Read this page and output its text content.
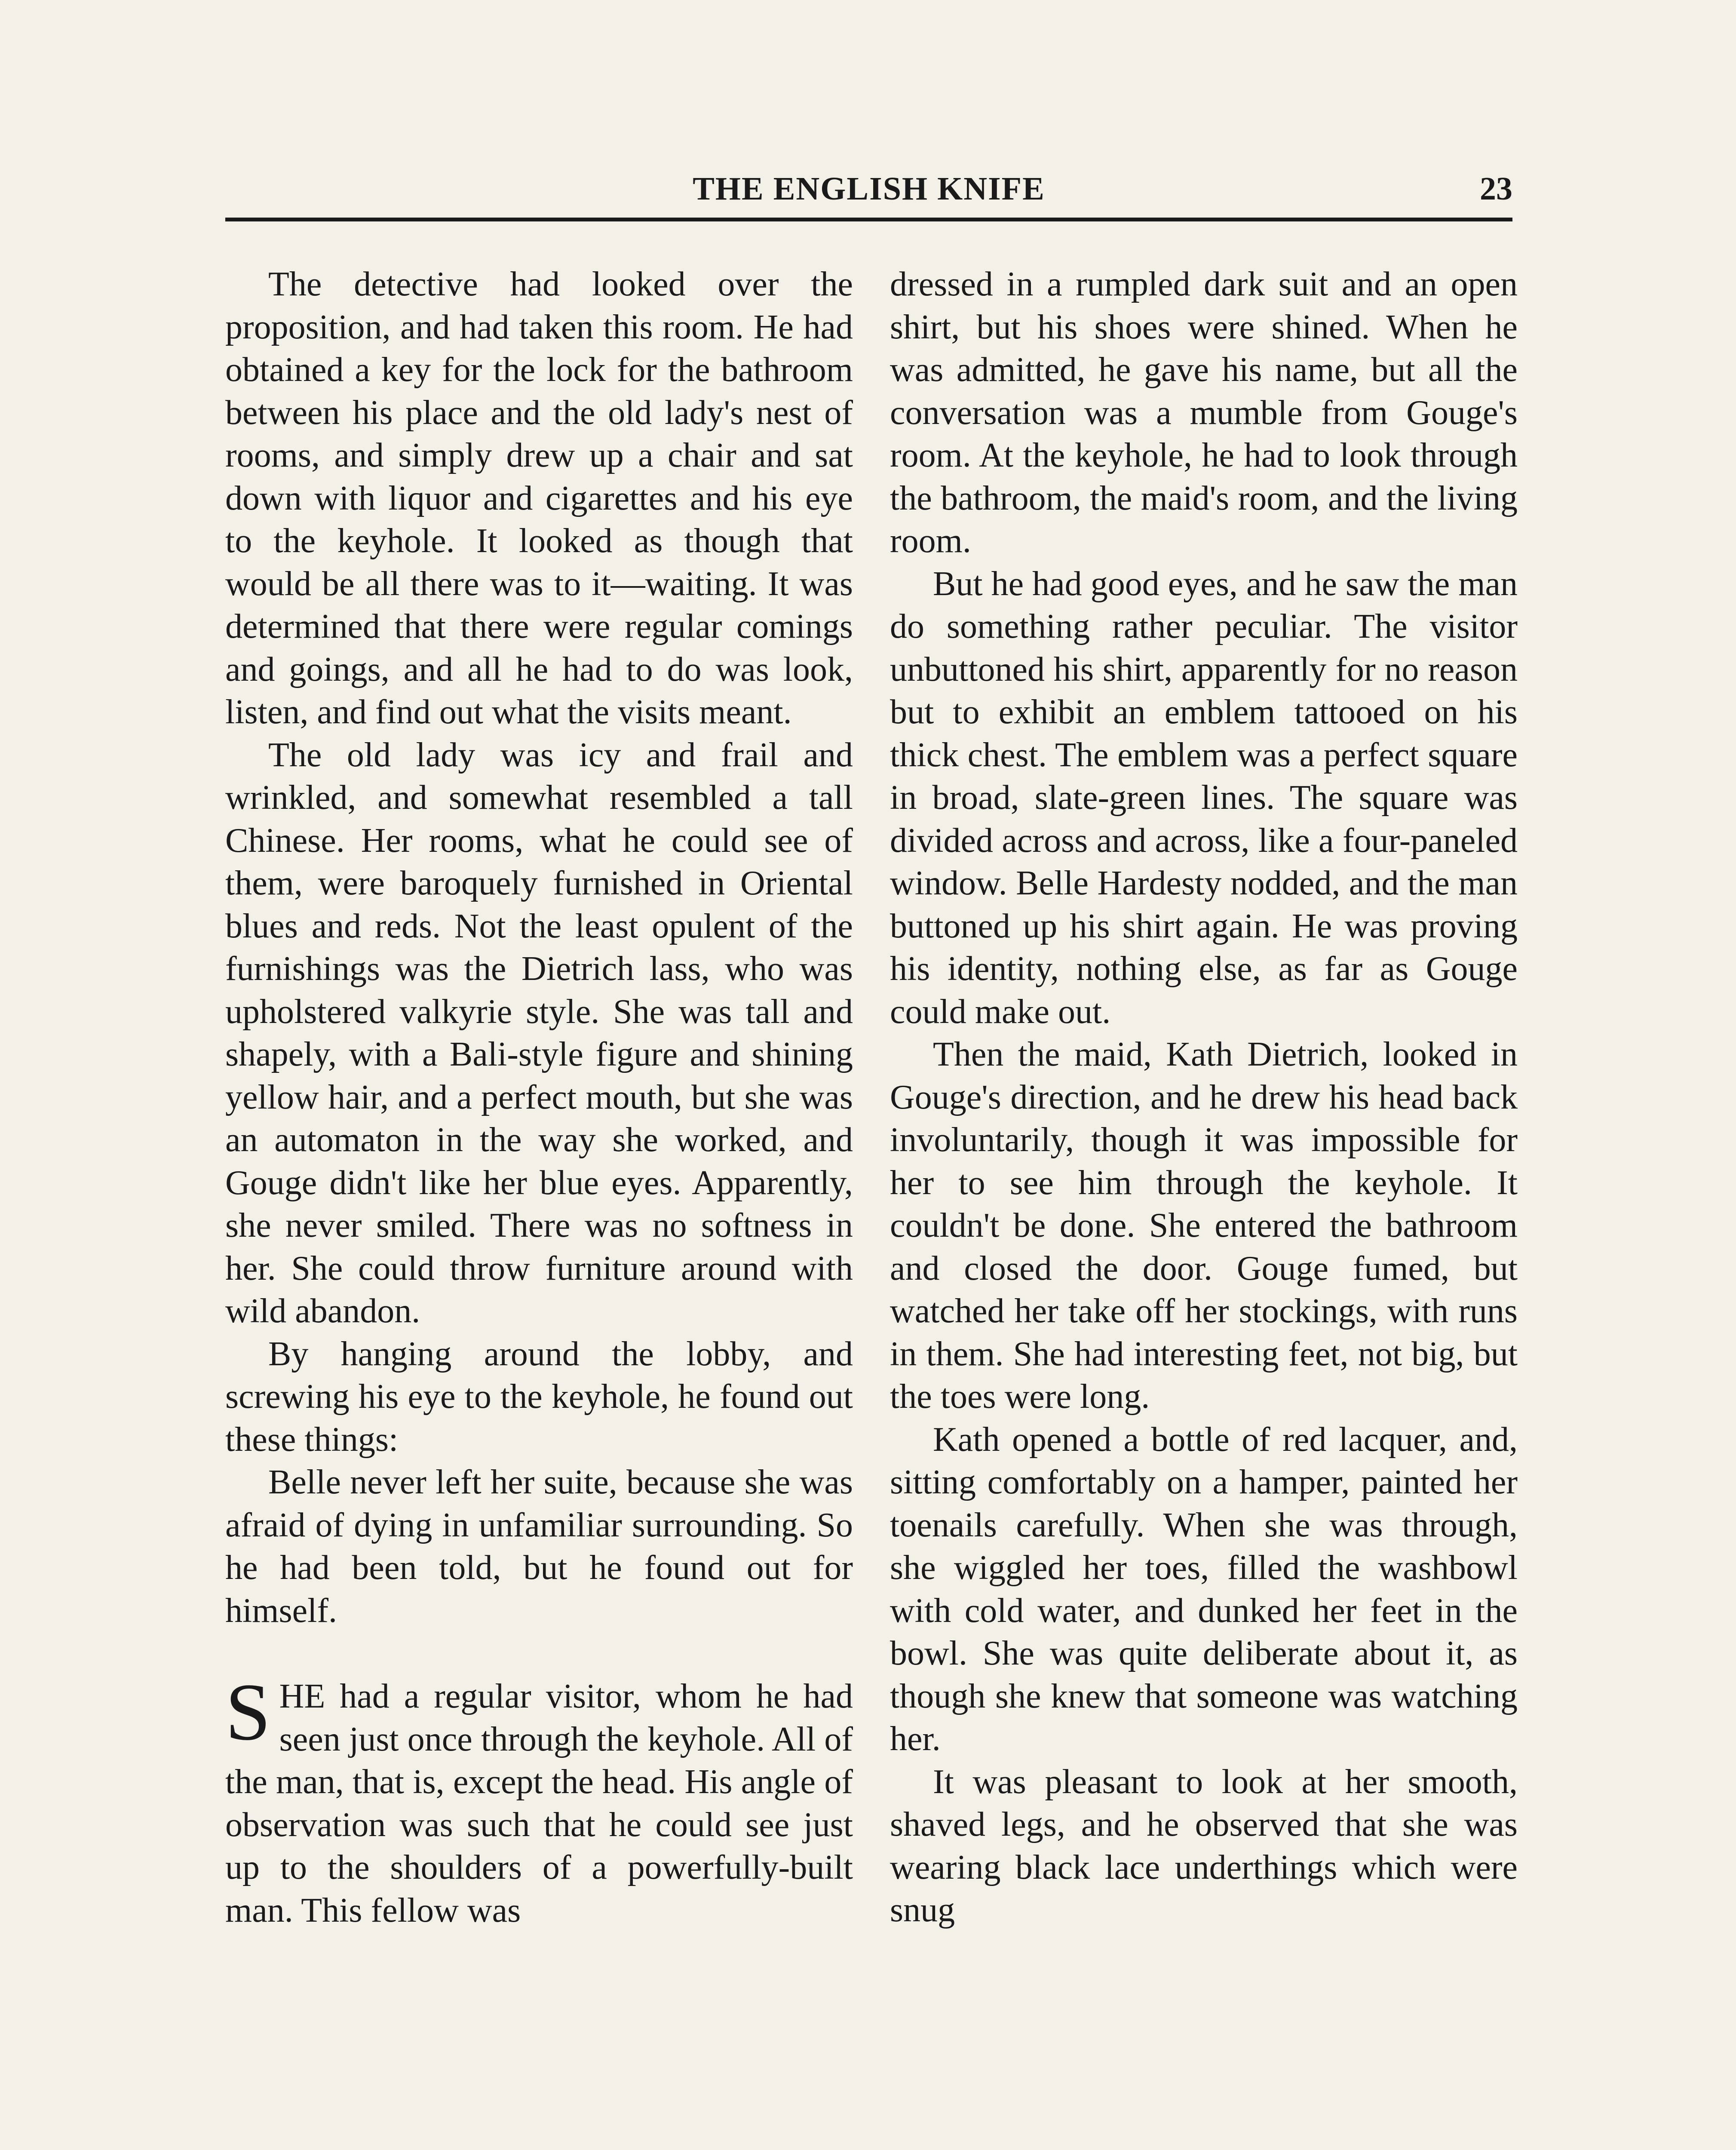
THE ENGLISH KNIFE	23

The detective had looked over the proposition, and had taken this room. He had obtained a key for the lock for the bathroom between his place and the old lady's nest of rooms, and simply drew up a chair and sat down with liquor and cigarettes and his eye to the keyhole. It looked as though that would be all there was to it—waiting. It was determined that there were regular comings and goings, and all he had to do was look, listen, and find out what the visits meant.

The old lady was icy and frail and wrinkled, and somewhat resembled a tall Chinese. Her rooms, what he could see of them, were baroquely furnished in Oriental blues and reds. Not the least opulent of the furnishings was the Dietrich lass, who was upholstered valkyrie style. She was tall and shapely, with a Bali-style figure and shining yellow hair, and a perfect mouth, but she was an automaton in the way she worked, and Gouge didn't like her blue eyes. Apparently, she never smiled. There was no softness in her. She could throw furniture around with wild abandon.

By hanging around the lobby, and screwing his eye to the keyhole, he found out these things:

Belle never left her suite, because she was afraid of dying in unfamiliar surrounding. So he had been told, but he found out for himself.

SHE had a regular visitor, whom he had seen just once through the keyhole. All of the man, that is, except the head. His angle of observation was such that he could see just up to the shoulders of a powerfully-built man. This fellow was

dressed in a rumpled dark suit and an open shirt, but his shoes were shined. When he was admitted, he gave his name, but all the conversation was a mumble from Gouge's room. At the keyhole, he had to look through the bathroom, the maid's room, and the living room.

But he had good eyes, and he saw the man do something rather peculiar. The visitor unbuttoned his shirt, apparently for no reason but to exhibit an emblem tattooed on his thick chest. The emblem was a perfect square in broad, slate-green lines. The square was divided across and across, like a four-paneled window. Belle Hardesty nodded, and the man buttoned up his shirt again. He was proving his identity, nothing else, as far as Gouge could make out.

Then the maid, Kath Dietrich, looked in Gouge's direction, and he drew his head back involuntarily, though it was impossible for her to see him through the keyhole. It couldn't be done. She entered the bathroom and closed the door. Gouge fumed, but watched her take off her stockings, with runs in them. She had interesting feet, not big, but the toes were long.

Kath opened a bottle of red lacquer, and, sitting comfortably on a hamper, painted her toenails carefully. When she was through, she wiggled her toes, filled the washbowl with cold water, and dunked her feet in the bowl. She was quite deliberate about it, as though she knew that someone was watching her.

It was pleasant to look at her smooth, shaved legs, and he observed that she was wearing black lace underthings which were snug
